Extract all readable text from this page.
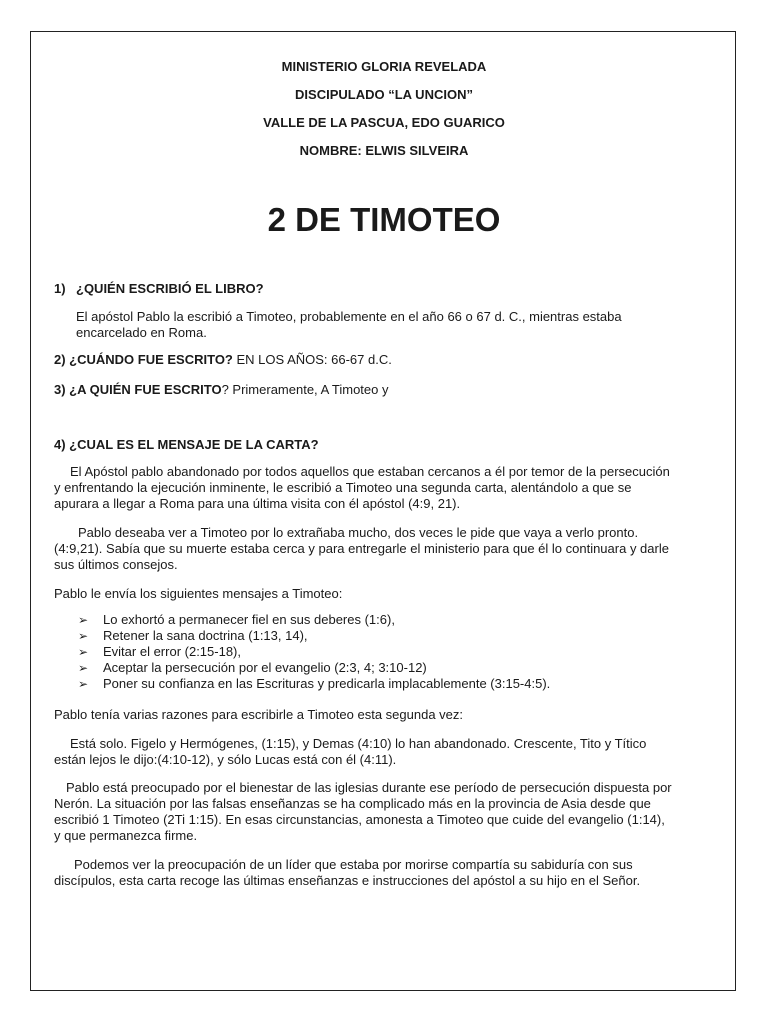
MINISTERIO GLORIA REVELADA
DISCIPULADO “LA UNCION”
VALLE DE LA PASCUA, EDO GUARICO
NOMBRE: ELWIS SILVEIRA
2 DE TIMOTEO
1) ¿QUIÉN ESCRIBIÓ EL LIBRO?
El apóstol Pablo la escribió a Timoteo, probablemente en el año 66 o 67 d. C., mientras estaba
encarcelado en Roma.
2) ¿CUÁNDO FUE ESCRITO? EN LOS AÑOS: 66-67 d.C.
3) ¿A QUIÉN FUE ESCRITO? Primeramente, A Timoteo y
4) ¿CUAL ES EL MENSAJE DE LA CARTA?
El Apóstol pablo abandonado por todos aquellos que estaban cercanos a él por temor de la persecución
y enfrentando la ejecución inminente, le escribió a Timoteo una segunda carta, alentándolo a que se
apurara a llegar a Roma para una última visita con él apóstol (4:9, 21).
Pablo deseaba ver a Timoteo por lo extrañaba mucho, dos veces le pide que vaya a verlo pronto.
(4:9,21). Sabía que su muerte estaba cerca y para entregarle el ministerio para que él lo continuara y darle
sus últimos consejos.
Pablo le envía los siguientes mensajes a Timoteo:
➢ Lo exhortó a permanecer fiel en sus deberes (1:6),
➢ Retener la sana doctrina (1:13, 14),
➢ Evitar el error (2:15-18),
➢ Aceptar la persecución por el evangelio (2:3, 4; 3:10-12)
➢ Poner su confianza en las Escrituras y predicarla implacablemente (3:15-4:5).
Pablo tenía varias razones para escribirle a Timoteo esta segunda vez:
Está solo. Figelo y Hermógenes, (1:15), y Demas (4:10) lo han abandonado. Crescente, Tito y Títico
están lejos le dijo:(4:10-12), y sólo Lucas está con él (4:11).
Pablo está preocupado por el bienestar de las iglesias durante ese período de persecución dispuesta por
Nerón. La situación por las falsas enseñanzas se ha complicado más en la provincia de Asia desde que
escribió 1 Timoteo (2Ti 1:15). En esas circunstancias, amonesta a Timoteo que cuide del evangelio (1:14),
y que permanezca firme.
Podemos ver la preocupación de un líder que estaba por morirse compartía su sabiduría con sus
discípulos, esta carta recoge las últimas enseñanzas e instrucciones del apóstol a su hijo en el Señor.
